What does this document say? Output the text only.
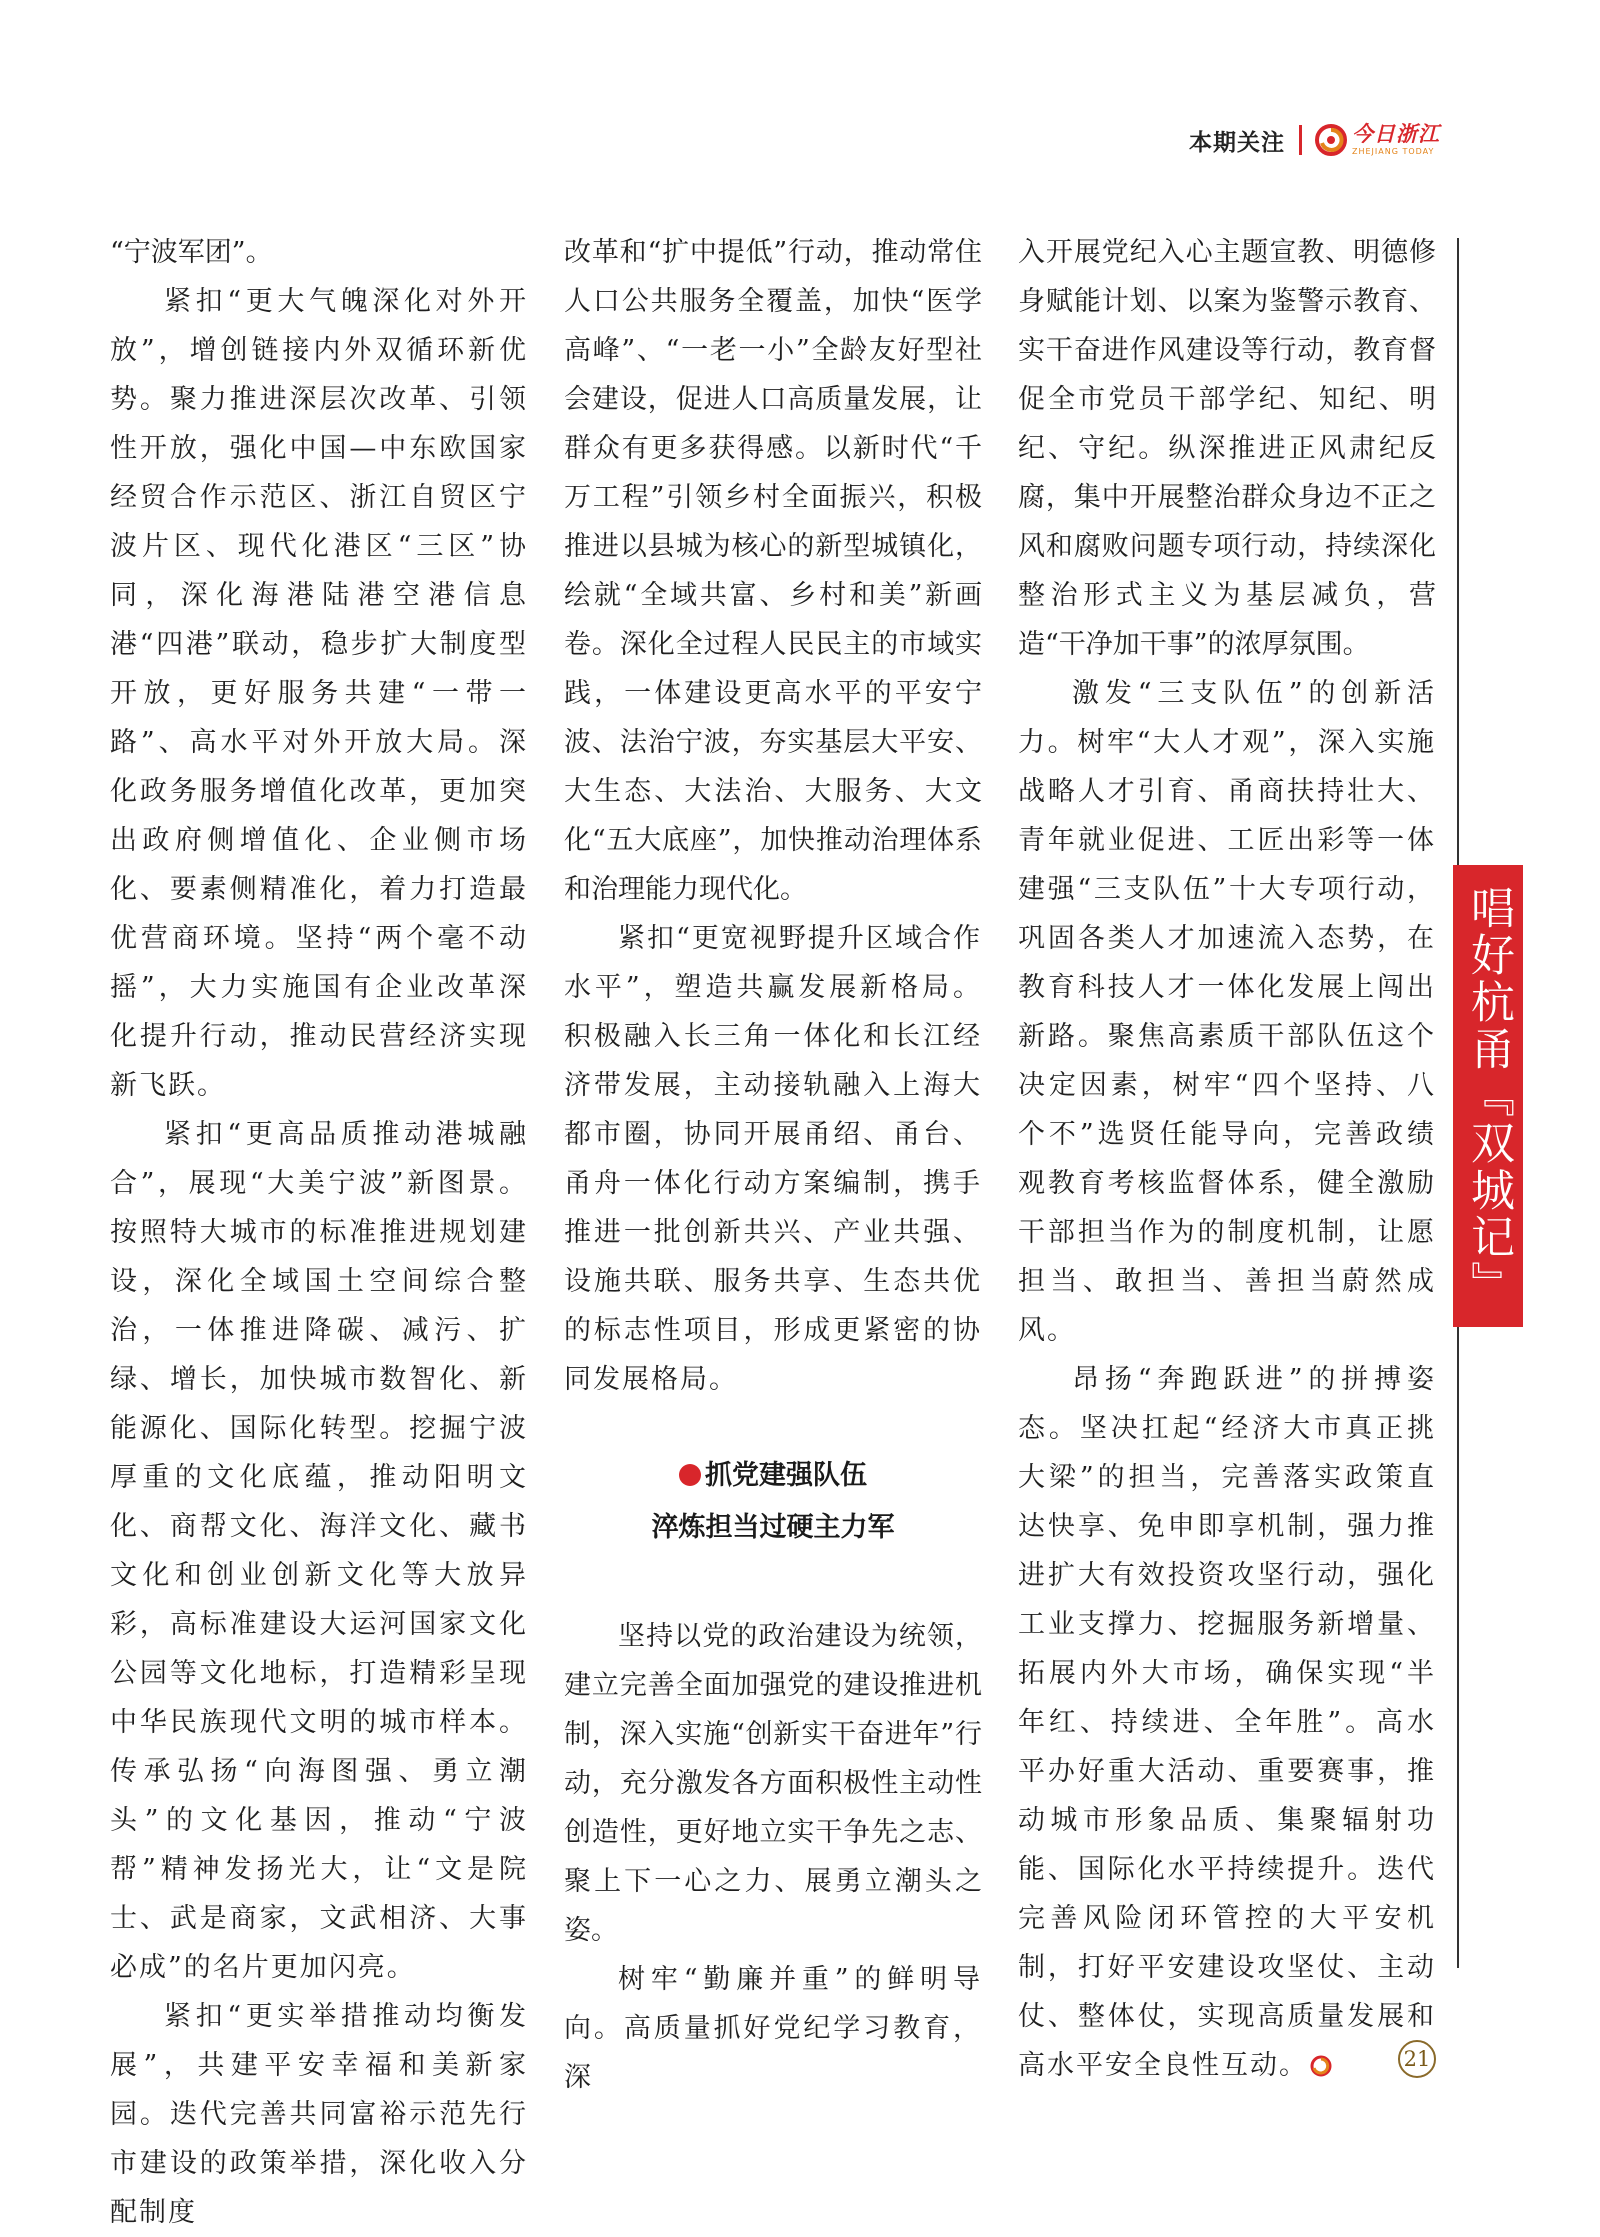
本期关注	今日浙江
ZHEJIANG TODAY

“宁波军团”。

紧扣“更大气魄深化对外开放”，增创链接内外双循环新优势。聚力推进深层次改革、引领性开放，强化中国—中东欧国家经贸合作示范区、浙江自贸区宁波片区、现代化港区“三区”协同，深化海港陆港空港信息港“四港”联动，稳步扩大制度型开放，更好服务共建“一带一路”、高水平对外开放大局。深化政务服务增值化改革，更加突出政府侧增值化、企业侧市场化、要素侧精准化，着力打造最优营商环境。坚持“两个毫不动摇”，大力实施国有企业改革深化提升行动，推动民营经济实现新飞跃。

紧扣“更高品质推动港城融合”，展现“大美宁波”新图景。按照特大城市的标准推进规划建设，深化全域国土空间综合整治，一体推进降碳、减污、扩绿、增长，加快城市数智化、新能源化、国际化转型。挖掘宁波厚重的文化底蕴，推动阳明文化、商帮文化、海洋文化、藏书文化和创业创新文化等大放异彩，高标准建设大运河国家文化公园等文化地标，打造精彩呈现中华民族现代文明的城市样本。传承弘扬“向海图强、勇立潮头”的文化基因，推动“宁波帮”精神发扬光大，让“文是院士、武是商家，文武相济、大事必成”的名片更加闪亮。

紧扣“更实举措推动均衡发展”，共建平安幸福和美新家园。迭代完善共同富裕示范先行市建设的政策举措，深化收入分配制度

改革和“扩中提低”行动，推动常住人口公共服务全覆盖，加快“医学高峰”、“一老一小”全龄友好型社会建设，促进人口高质量发展，让群众有更多获得感。以新时代“千万工程”引领乡村全面振兴，积极推进以县城为核心的新型城镇化，绘就“全域共富、乡村和美”新画卷。深化全过程人民民主的市域实践，一体建设更高水平的平安宁波、法治宁波，夯实基层大平安、大生态、大法治、大服务、大文化“五大底座”，加快推动治理体系和治理能力现代化。

紧扣“更宽视野提升区域合作水平”，塑造共赢发展新格局。积极融入长三角一体化和长江经济带发展，主动接轨融入上海大都市圈，协同开展甬绍、甬台、甬舟一体化行动方案编制，携手推进一批创新共兴、产业共强、设施共联、服务共享、生态共优的标志性项目，形成更紧密的协同发展格局。

抓党建强队伍
淬炼担当过硬主力军

坚持以党的政治建设为统领，建立完善全面加强党的建设推进机制，深入实施“创新实干奋进年”行动，充分激发各方面积极性主动性创造性，更好地立实干争先之志、聚上下一心之力、展勇立潮头之姿。

树牢“勤廉并重”的鲜明导向。高质量抓好党纪学习教育，深

入开展党纪入心主题宣教、明德修身赋能计划、以案为鉴警示教育、实干奋进作风建设等行动，教育督促全市党员干部学纪、知纪、明纪、守纪。纵深推进正风肃纪反腐，集中开展整治群众身边不正之风和腐败问题专项行动，持续深化整治形式主义为基层减负，营造“干净加干事”的浓厚氛围。

激发“三支队伍”的创新活力。树牢“大人才观”，深入实施战略人才引育、甬商扶持壮大、青年就业促进、工匠出彩等一体建强“三支队伍”十大专项行动，巩固各类人才加速流入态势，在教育科技人才一体化发展上闯出新路。聚焦高素质干部队伍这个决定因素，树牢“四个坚持、八个不”选贤任能导向，完善政绩观教育考核监督体系，健全激励干部担当作为的制度机制，让愿担当、敢担当、善担当蔚然成风。

昂扬“奔跑跃进”的拼搏姿态。坚决扛起“经济大市真正挑大梁”的担当，完善落实政策直达快享、免申即享机制，强力推进扩大有效投资攻坚行动，强化工业支撑力、挖掘服务新增量、拓展内外大市场，确保实现“半年红、持续进、全年胜”。高水平办好重大活动、重要赛事，推动城市形象品质、集聚辐射功能、国际化水平持续提升。迭代完善风险闭环管控的大平安机制，打好平安建设攻坚仗、主动仗、整体仗，实现高质量发展和高水平安全良性互动。

唱好杭甬『双城记』
21
